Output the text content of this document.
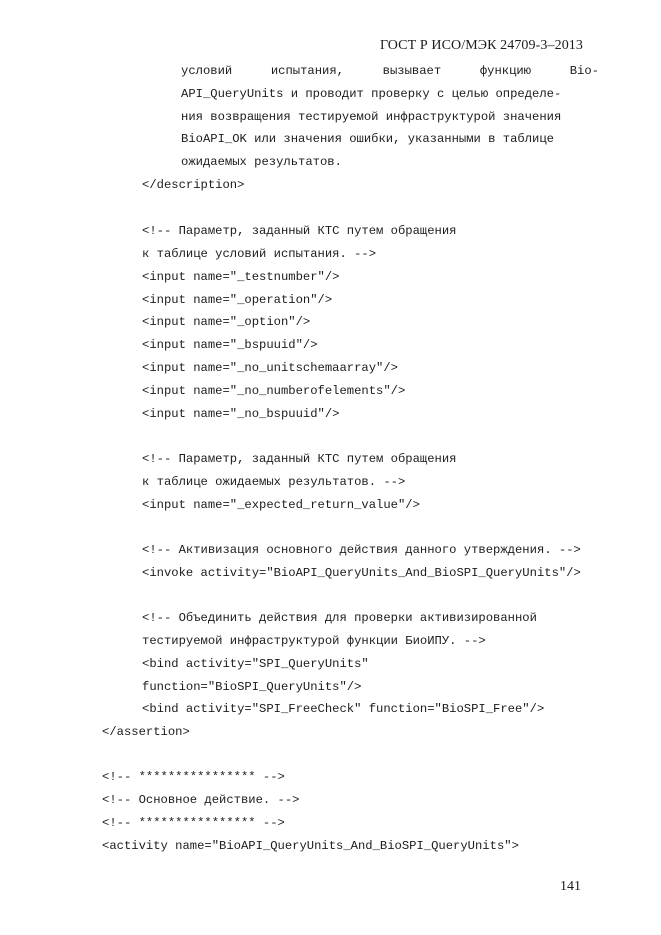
ГОСТ Р ИСО/МЭК 24709-3–2013
условий	испытания,	вызывает	функцию	Bio-
API_QueryUnits и проводит проверку с целью определе-
ния возвращения тестируемой инфраструктурой значения
BioAPI_OK или значения ошибки, указанными в таблице
ожидаемых результатов.
</description>
<!-- Параметр, заданный КТС путем обращения
к таблице условий испытания. -->
<input name="_testnumber"/>
<input name="_operation"/>
<input name="_option"/>
<input name="_bspuuid"/>
<input name="_no_unitschemaarray"/>
<input name="_no_numberofelements"/>
<input name="_no_bspuuid"/>
<!-- Параметр, заданный КТС путем обращения
к таблице ожидаемых результатов. -->
<input name="_expected_return_value"/>
<!-- Активизация основного действия данного утверждения. -->
<invoke activity="BioAPI_QueryUnits_And_BioSPI_QueryUnits"/>
<!-- Объединить действия для проверки активизированной
тестируемой инфраструктурой функции БиоИПУ. -->
<bind activity="SPI_QueryUnits"
function="BioSPI_QueryUnits"/>
<bind activity="SPI_FreeCheck" function="BioSPI_Free"/>
</assertion>
<!-- **************** -->
<!-- Основное действие. -->
<!-- **************** -->
<activity name="BioAPI_QueryUnits_And_BioSPI_QueryUnits">
141
